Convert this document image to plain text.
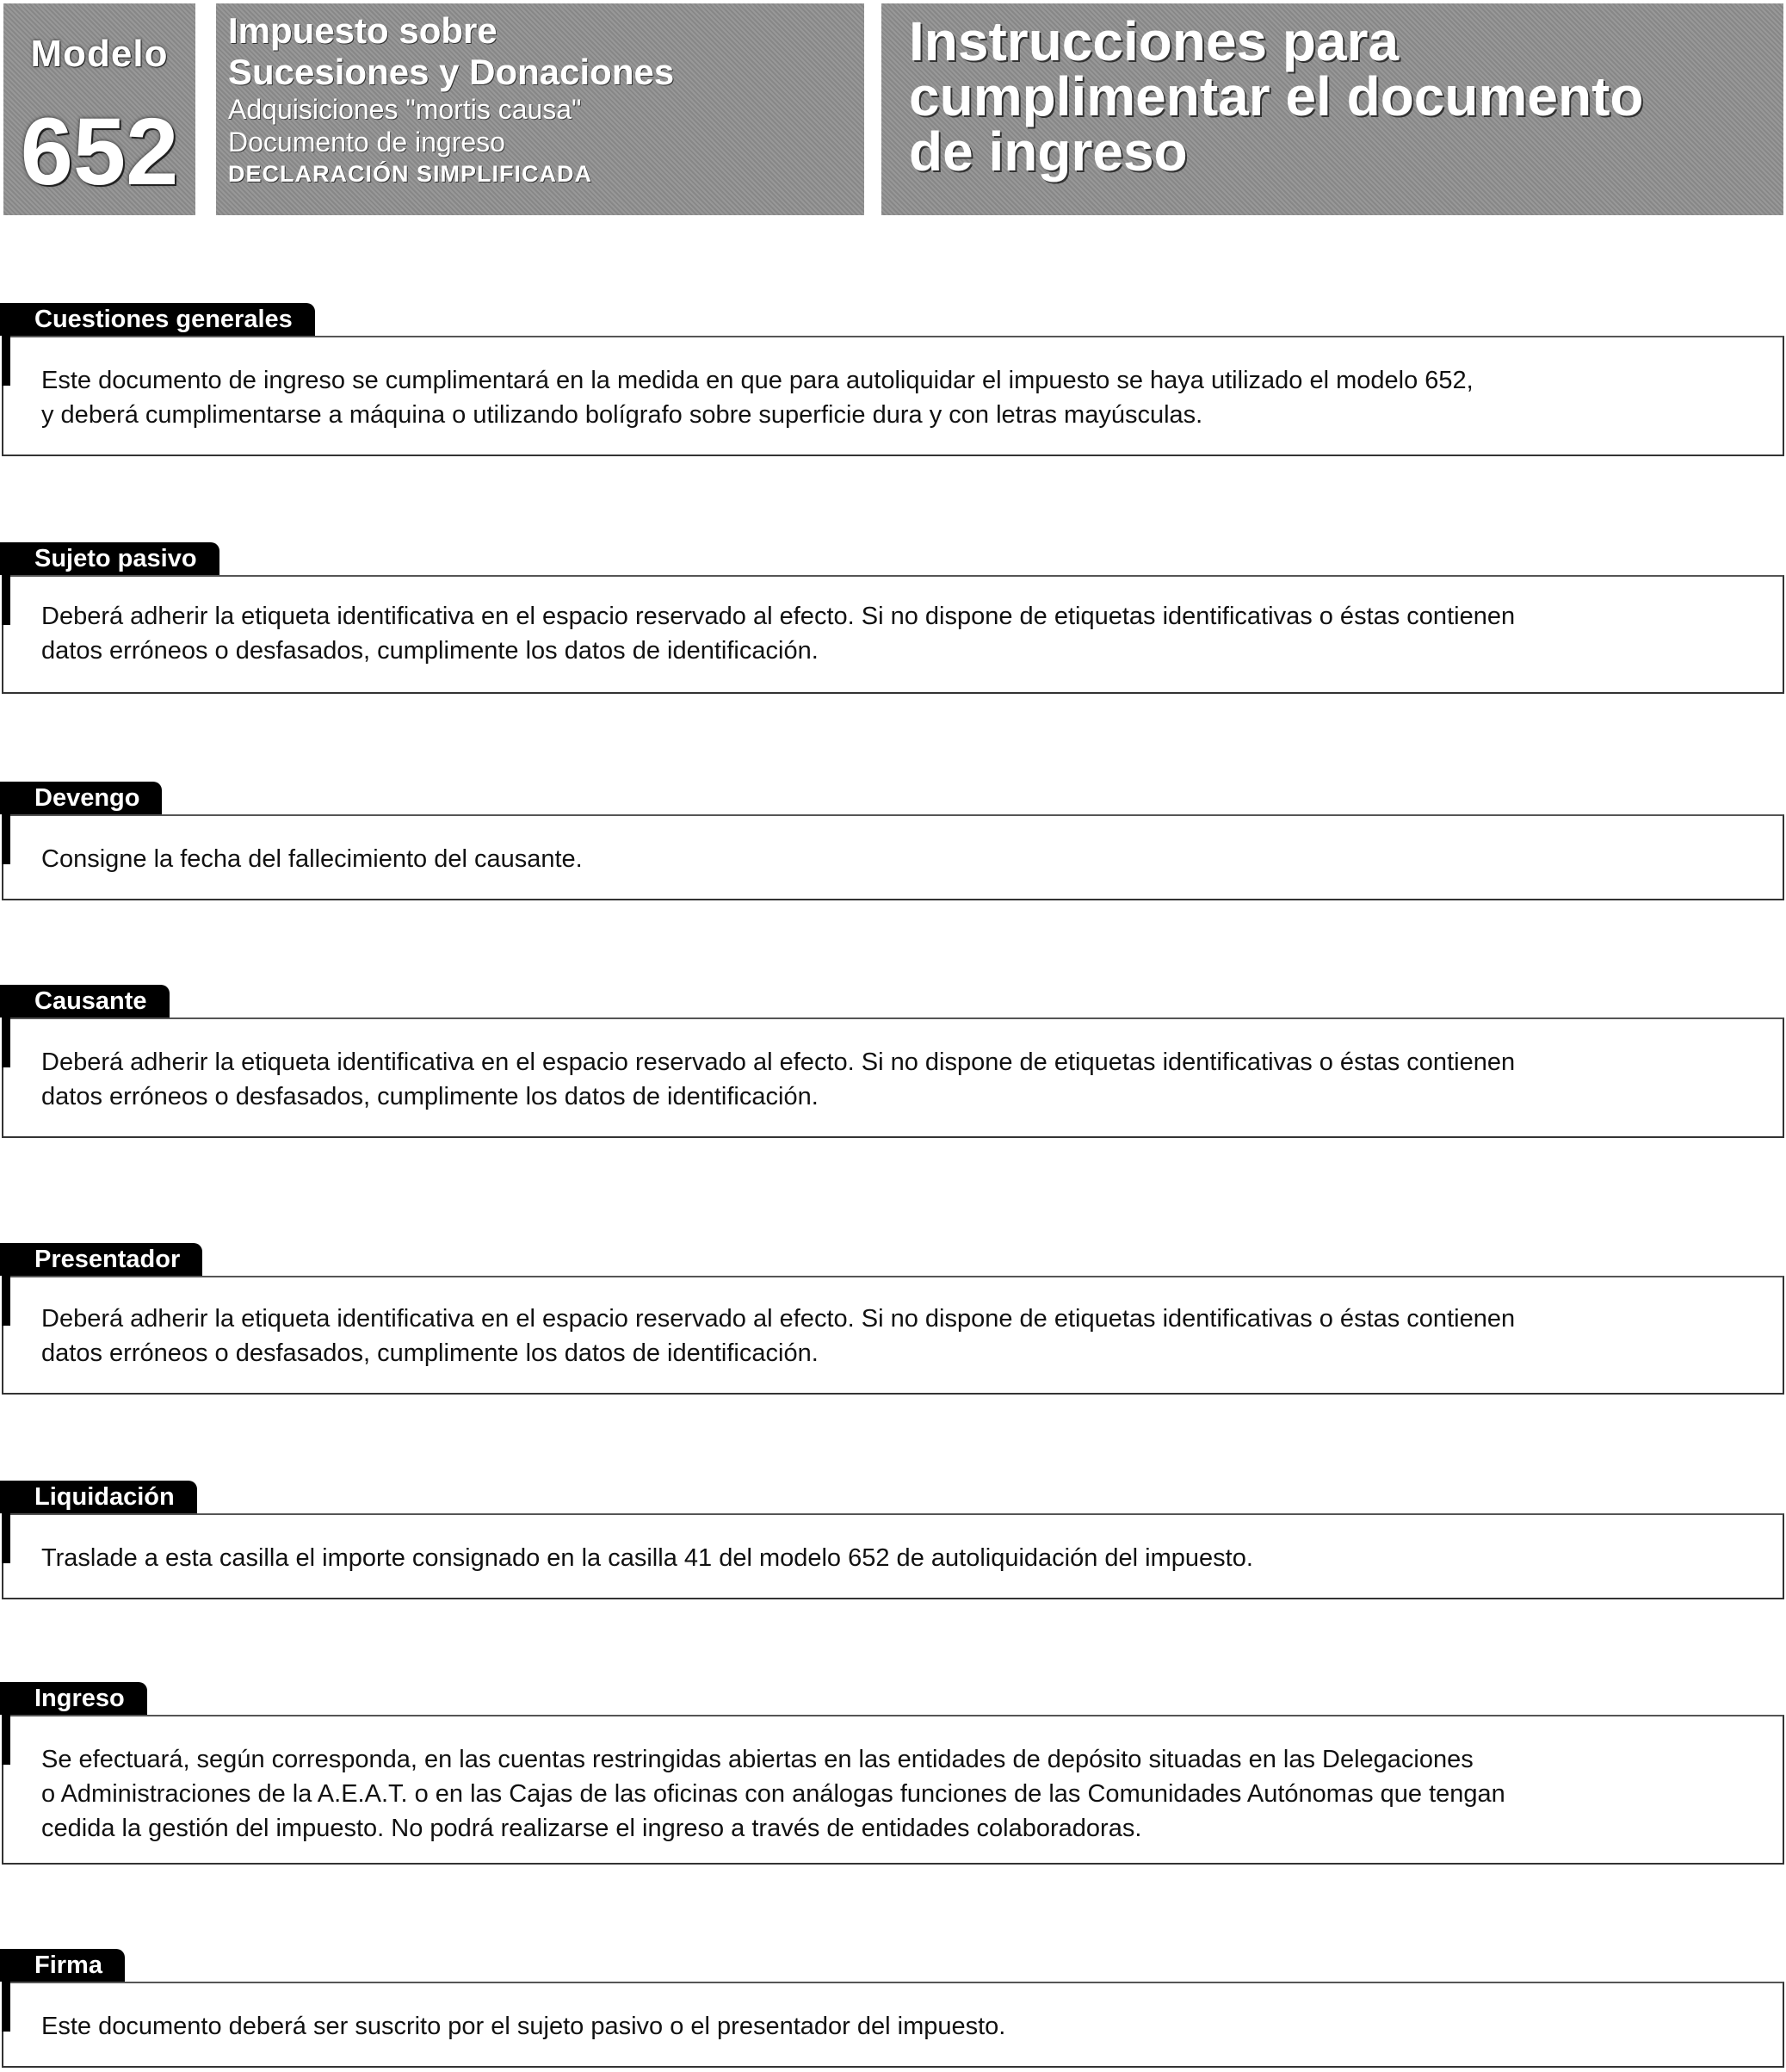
Modelo
652
Impuesto sobre
Sucesiones y Donaciones
Adquisiciones "mortis causa"
Documento de ingreso
DECLARACIÓN SIMPLIFICADA
Instrucciones para
cumplimentar el documento
de ingreso
Cuestiones generales
Este documento de ingreso se cumplimentará en la medida en que para autoliquidar el impuesto se haya utilizado el modelo 652,
y deberá cumplimentarse a máquina o utilizando bolígrafo sobre superficie dura y con letras mayúsculas.
Sujeto pasivo
Deberá adherir la etiqueta identificativa en el espacio reservado al efecto. Si no dispone de etiquetas identificativas o éstas contienen
datos erróneos o desfasados, cumplimente los datos de identificación.
Devengo
Consigne la fecha del fallecimiento del causante.
Causante
Deberá adherir la etiqueta identificativa en el espacio reservado al efecto. Si no dispone de etiquetas identificativas o éstas contienen
datos erróneos o desfasados, cumplimente los datos de identificación.
Presentador
Deberá adherir la etiqueta identificativa en el espacio reservado al efecto. Si no dispone de etiquetas identificativas o éstas contienen
datos erróneos o desfasados, cumplimente los datos de identificación.
Liquidación
Traslade a esta casilla el importe consignado en la casilla 41 del modelo 652 de autoliquidación del impuesto.
Ingreso
Se efectuará, según corresponda, en las cuentas restringidas abiertas en las entidades de depósito situadas en las Delegaciones
o Administraciones de la A.E.A.T. o en las Cajas de las oficinas con análogas funciones de las Comunidades Autónomas que tengan
cedida la gestión del impuesto. No podrá realizarse el ingreso a través de entidades colaboradoras.
Firma
Este documento deberá ser suscrito por el sujeto pasivo o el presentador del impuesto.
